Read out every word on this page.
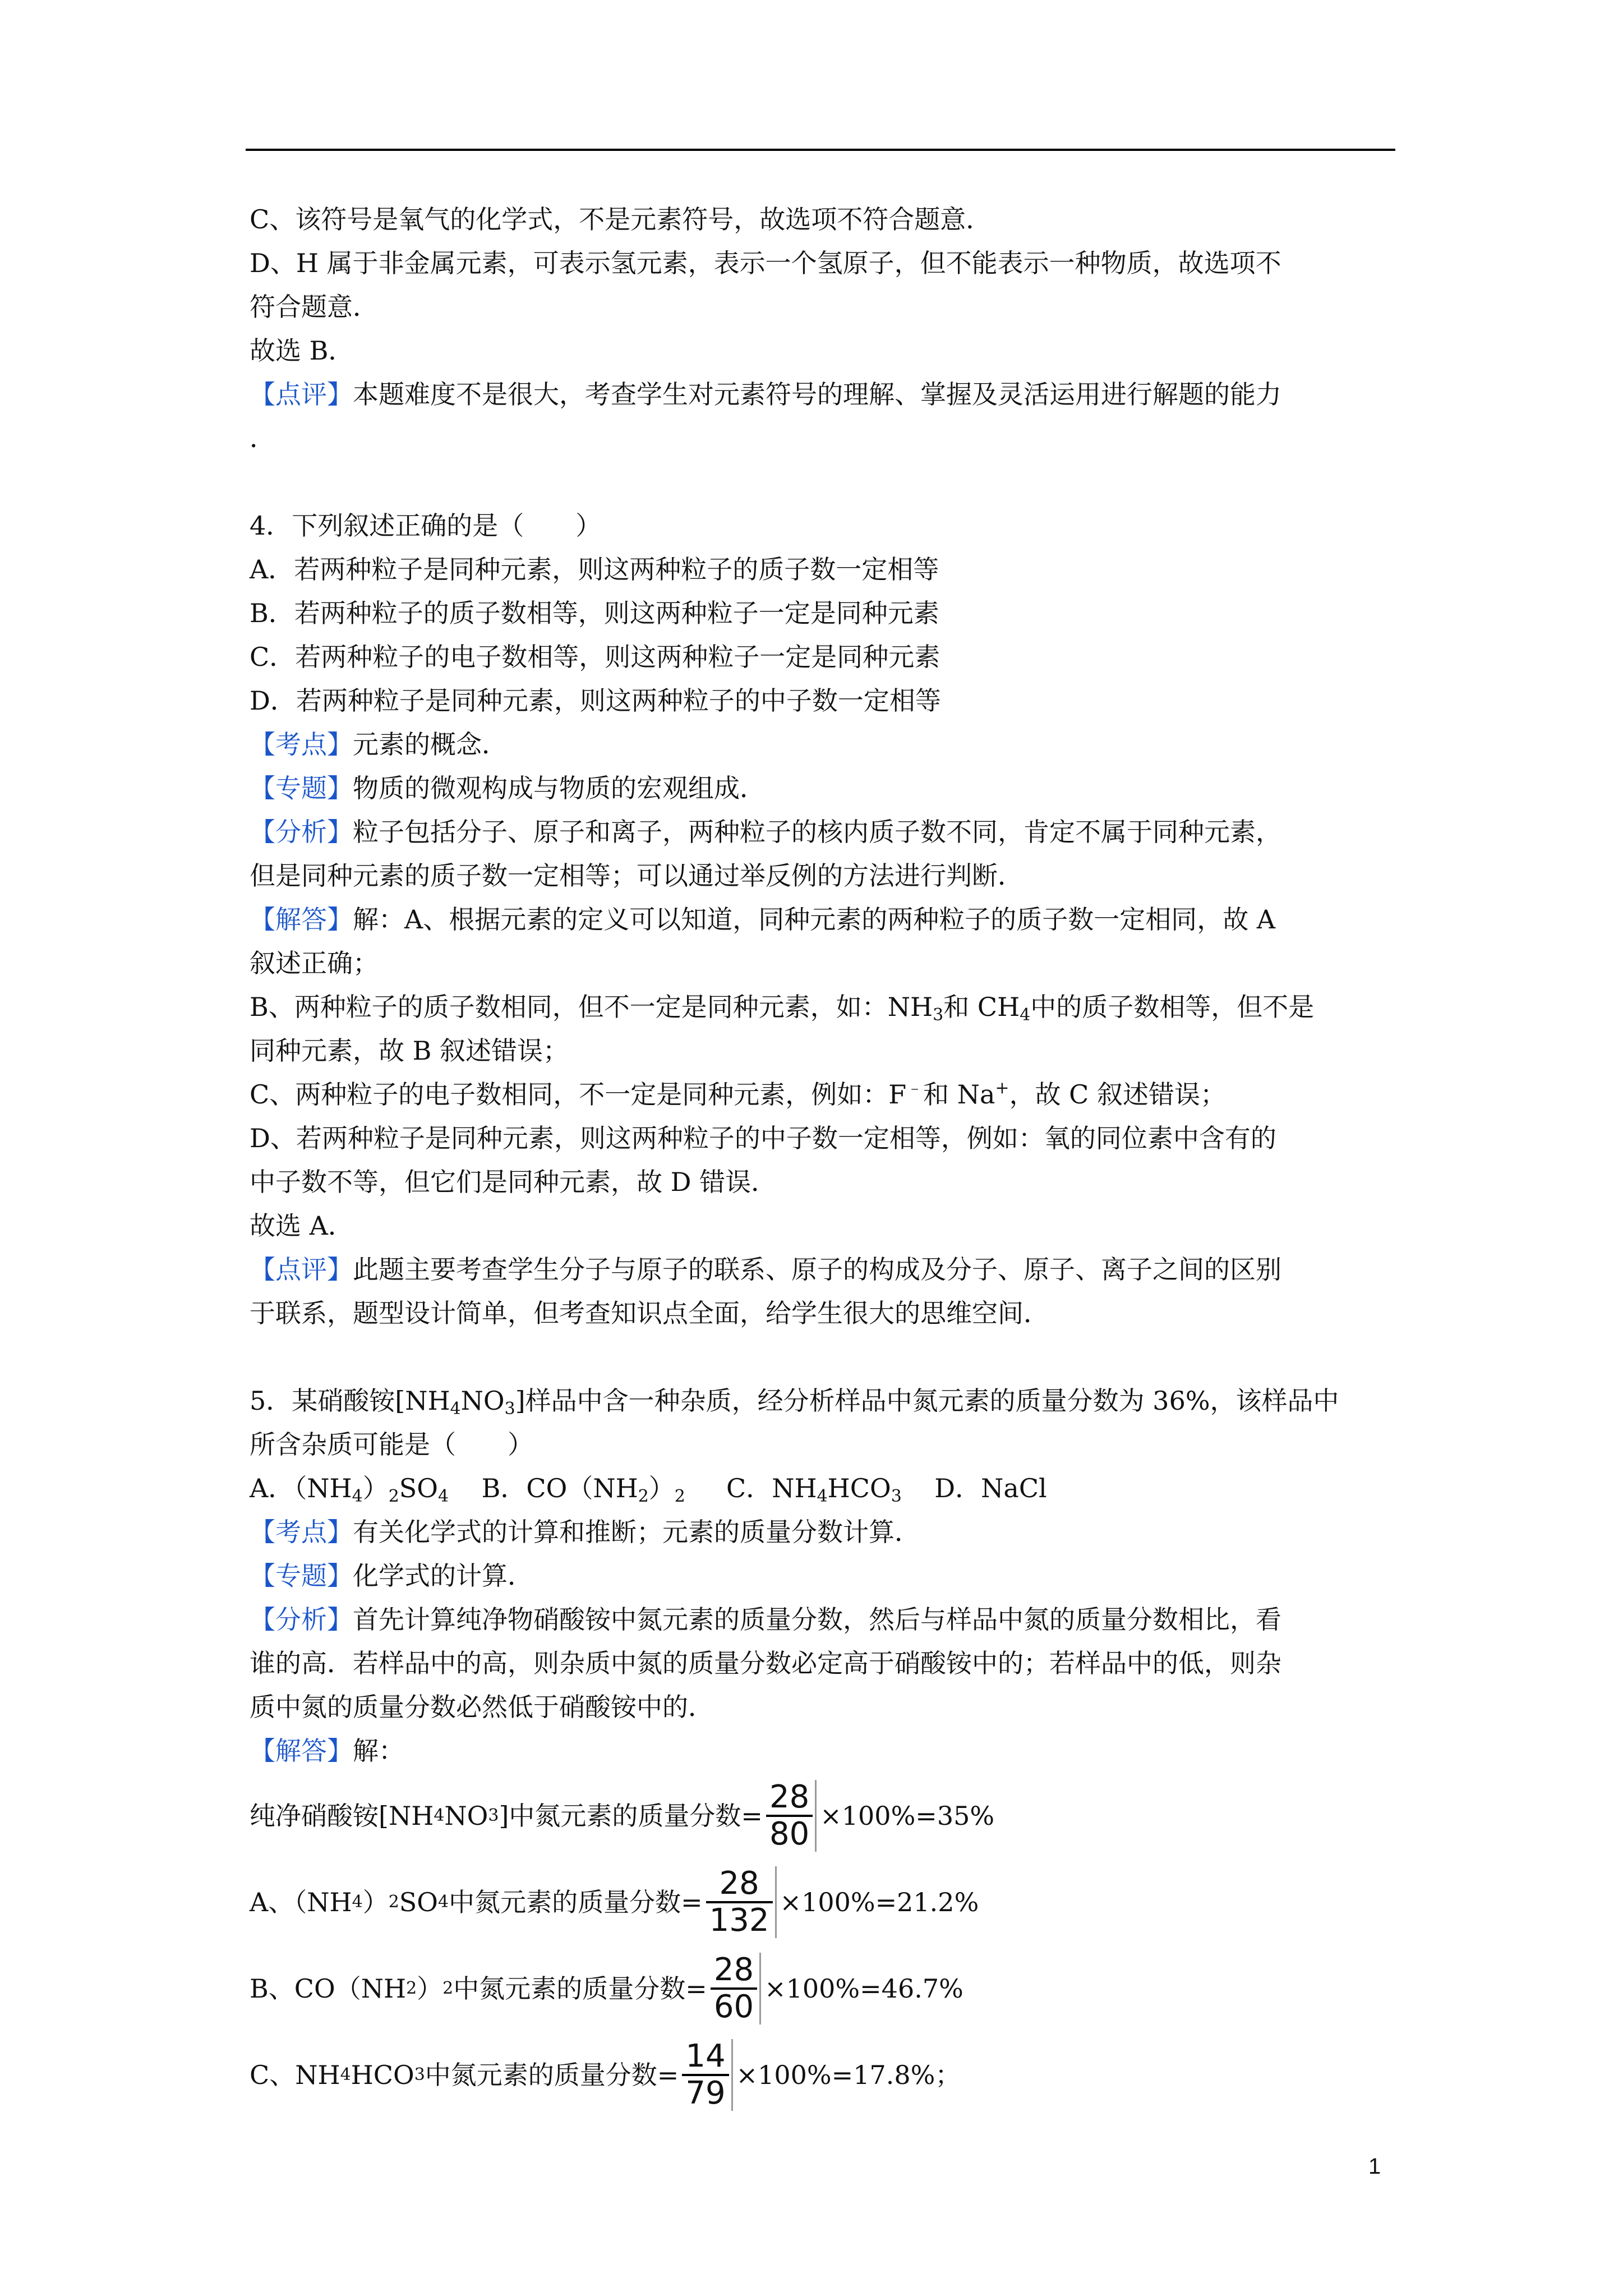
C、该符号是氧气的化学式，不是元素符号，故选项不符合题意．
D、H 属于非金属元素，可表示氢元素，表示一个氢原子，但不能表示一种物质，故选项不
符合题意．
故选 B．
【点评】本题难度不是很大，考查学生对元素符号的理解、掌握及灵活运用进行解题的能力
．
4．下列叙述正确的是（　　）
A．若两种粒子是同种元素，则这两种粒子的质子数一定相等
B．若两种粒子的质子数相等，则这两种粒子一定是同种元素
C．若两种粒子的电子数相等，则这两种粒子一定是同种元素
D．若两种粒子是同种元素，则这两种粒子的中子数一定相等
【考点】元素的概念．
【专题】物质的微观构成与物质的宏观组成．
【分析】粒子包括分子、原子和离子，两种粒子的核内质子数不同，肯定不属于同种元素，
但是同种元素的质子数一定相等；可以通过举反例的方法进行判断．
【解答】解：A、根据元素的定义可以知道，同种元素的两种粒子的质子数一定相同，故 A
叙述正确；
B、两种粒子的质子数相同，但不一定是同种元素，如：$NH_3$和 $CH_4$中的质子数相等，但不是
同种元素，故 B 叙述错误；
C、两种粒子的电子数相同，不一定是同种元素，例如：F﹣和 Na+，故 C 叙述错误；
D、若两种粒子是同种元素，则这两种粒子的中子数一定相等，例如：氧的同位素中含有的
中子数不等，但它们是同种元素，故 D 错误．
故选 A．
【点评】此题主要考查学生分子与原子的联系、原子的构成及分子、原子、离子之间的区别
于联系，题型设计简单，但考查知识点全面，给学生很大的思维空间．
5．某硝酸铵$[NH_4NO_3]$样品中含一种杂质，经分析样品中氮元素的质量分数为 36%，该样品中
所含杂质可能是（　　）
A．$(NH_4)_2SO_4$ B．$CO(NH_2)_2$ C．$NH_4HCO_3$ D．NaCl
【考点】有关化学式的计算和推断；元素的质量分数计算．
【专题】化学式的计算．
【分析】首先计算纯净物硝酸铵中氮元素的质量分数，然后与样品中氮的质量分数相比，看
谁的高．若样品中的高，则杂质中氮的质量分数必定高于硝酸铵中的；若样品中的低，则杂
质中氮的质量分数必然低于硝酸铵中的．
【解答】解：
纯净硝酸铵[NH 4 NO 3 ]中氮元素的质量分数= $\frac{28}{80} \times 100\%=35\%$
A、（NH 4 ） 2 SO 4 中氮元素的质量分数= $\frac{28}{132} \times 100\%=21.2\%$
B、CO（NH 2 ） 2 中氮元素的质量分数= $\frac{28}{60} \times 100\%=46.7\%$
C、NH 4 HCO 3 中氮元素的质量分数= $\frac{14}{79} \times 100\%=17.8\%$；
1
